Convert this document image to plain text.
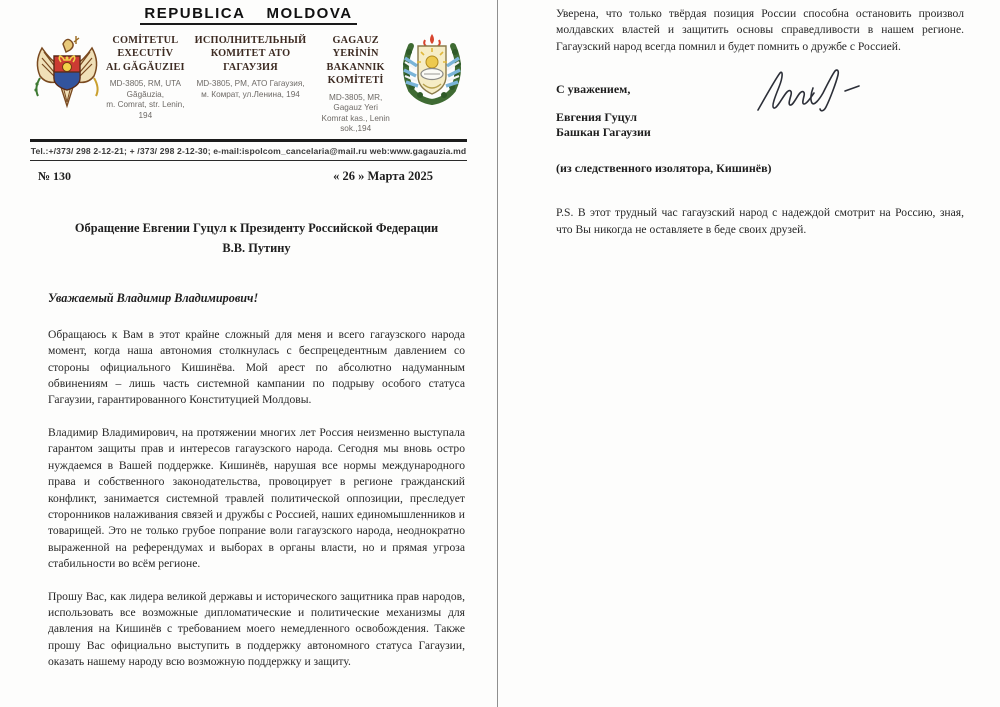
REPUBLICA MOLDOVA
COMİTETUL EXECUTİV
AL GĂGĂUZIEI
MD-3805, RM, UTA Găgăuzia,
m. Comrat, str. Lenin, 194
ИСПОЛНИТЕЛЬНЫЙ
КОМИТЕТ АТО ГАГАУЗИЯ
MD-3805, PM, АТО Гагаузия,
м. Комрат, ул.Ленина, 194
GAGAUZ YERİNİN
BAKANNIK KOMİTETİ
MD-3805, MR, Gagauz Yeri
Komrat kas., Lenin sok.,194
Tel.:+/373/ 298 2-12-21; + /373/ 298 2-12-30; e-mail:ispolcom_cancelaria@mail.ru web:www.gagauzia.md
№ 130	« 26 » Марта 2025
Обращение Евгении Гуцул к Президенту Российской Федерации
В.В. Путину
Уважаемый Владимир Владимирович!

Обращаюсь к Вам в этот крайне сложный для меня и всего гагаузского народа момент, когда наша автономия столкнулась с беспрецедентным давлением со стороны официального Кишинёва. Мой арест по абсолютно надуманным обвинениям – лишь часть системной кампании по подрыву особого статуса Гагаузии, гарантированного Конституцией Молдовы.

Владимир Владимирович, на протяжении многих лет Россия неизменно выступала гарантом защиты прав и интересов гагаузского народа. Сегодня мы вновь остро нуждаемся в Вашей поддержке. Кишинёв, нарушая все нормы международного права и собственного законодательства, провоцирует в регионе гражданский конфликт, занимается системной травлей политической оппозиции, преследует сторонников налаживания связей и дружбы с Россией, наших единомышленников и товарищей. Это не только грубое попрание воли гагаузского народа, неоднократно выраженной на референдумах и выборах в органы власти, но и прямая угроза стабильности во всём регионе.

Прошу Вас, как лидера великой державы и исторического защитника прав народов, использовать все возможные дипломатические и политические механизмы для давления на Кишинёв с требованием моего немедленного освобождения. Также прошу Вас официально выступить в поддержку автономного статуса Гагаузии, оказать нашему народу всю возможную поддержку и защиту.

Уверена, что только твёрдая позиция России способна остановить произвол молдавских властей и защитить основы справедливости в нашем регионе. Гагаузский народ всегда помнил и будет помнить о дружбе с Россией.

С уважением,
Евгения Гуцул
Башкан Гагаузии
(из следственного изолятора, Кишинёв)

P.S. В этот трудный час гагаузский народ с надеждой смотрит на Россию, зная, что Вы никогда не оставляете в беде своих друзей.
